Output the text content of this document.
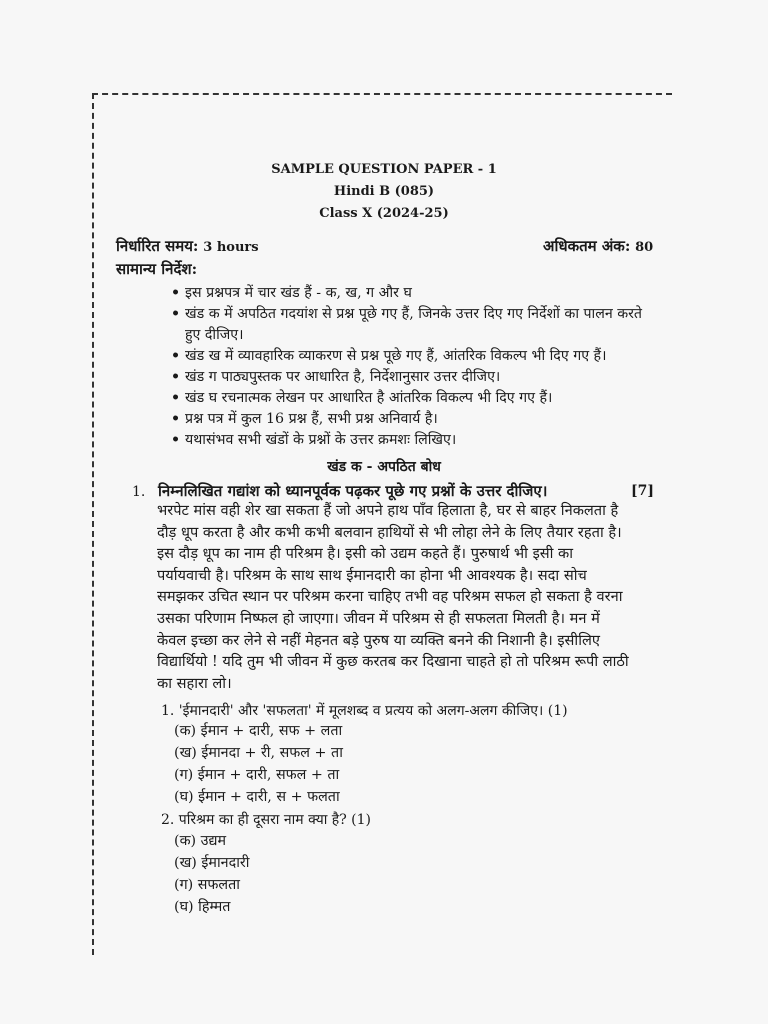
SAMPLE QUESTION PAPER - 1
Hindi B (085)
Class X (2024-25)
निर्धारित समय: 3 hours	अधिकतम अंक: 80
सामान्य निर्देश:
• इस प्रश्नपत्र में चार खंड हैं - क, ख, ग और घ
• खंड क में अपठित गदयांश से प्रश्न पूछे गए हैं, जिनके उत्तर दिए गए निर्देशों का पालन करते हुए दीजिए।
• खंड ख में व्यावहारिक व्याकरण से प्रश्न पूछे गए हैं, आंतरिक विकल्प भी दिए गए हैं।
• खंड ग पाठ्यपुस्तक पर आधारित है, निर्देशानुसार उत्तर दीजिए।
• खंड घ रचनात्मक लेखन पर आधारित है आंतरिक विकल्प भी दिए गए हैं।
• प्रश्न पत्र में कुल 16 प्रश्न हैं, सभी प्रश्न अनिवार्य है।
• यथासंभव सभी खंडों के प्रश्नों के उत्तर क्रमशः लिखिए।
खंड क - अपठित बोध
1. निम्नलिखित गद्यांश को ध्यानपूर्वक पढ़कर पूछे गए प्रश्नों के उत्तर दीजिए।	[7]
भरपेट मांस वही शेर खा सकता हैं जो अपने हाथ पाँव हिलाता है, घर से बाहर निकलता है
दौड़ धूप करता है और कभी कभी बलवान हाथियों से भी लोहा लेने के लिए तैयार रहता है।
इस दौड़ धूप का नाम ही परिश्रम है। इसी को उद्यम कहते हैं। पुरुषार्थ भी इसी का
पर्यायवाची है। परिश्रम के साथ साथ ईमानदारी का होना भी आवश्यक है। सदा सोच
समझकर उचित स्थान पर परिश्रम करना चाहिए तभी वह परिश्रम सफल हो सकता है वरना
उसका परिणाम निष्फल हो जाएगा। जीवन में परिश्रम से ही सफलता मिलती है। मन में
केवल इच्छा कर लेने से नहीं मेहनत बड़े पुरुष या व्यक्ति बनने की निशानी है। इसीलिए
विद्यार्थियो ! यदि तुम भी जीवन में कुछ करतब कर दिखाना चाहते हो तो परिश्रम रूपी लाठी
का सहारा लो।
1. 'ईमानदारी' और 'सफलता' में मूलशब्द व प्रत्यय को अलग-अलग कीजिए। (1)
(क) ईमान + दारी, सफ + लता
(ख) ईमानदा + री, सफल + ता
(ग) ईमान + दारी, सफल + ता
(घ) ईमान + दारी, स + फलता
2. परिश्रम का ही दूसरा नाम क्या है? (1)
(क) उद्यम
(ख) ईमानदारी
(ग) सफलता
(घ) हिम्मत
